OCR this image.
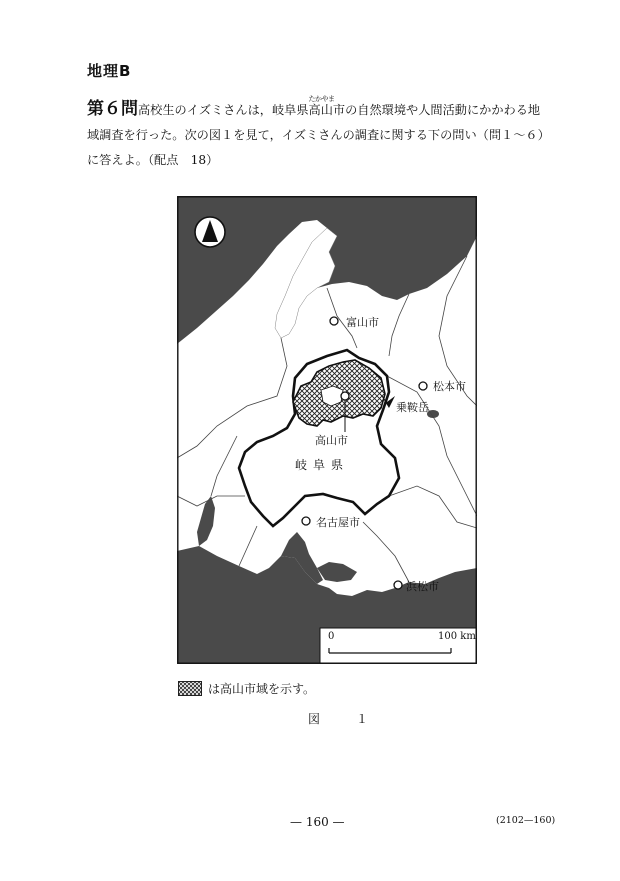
地理B
第６問 高校生のイズミさんは，岐阜県
たかやま
高山市の自然環境や人間活動にかかわる地

域調査を行った。次の図１を見て，イズミさんの調査に関する下の問い（問１～６）

に答えよ。（配点　18）

富山市
松本市
乗鞍岳
高山市
岐阜県
名古屋市
浜松市
0	100 km
は高山市域を示す。
図　１
— 160 —	(2102—160)
